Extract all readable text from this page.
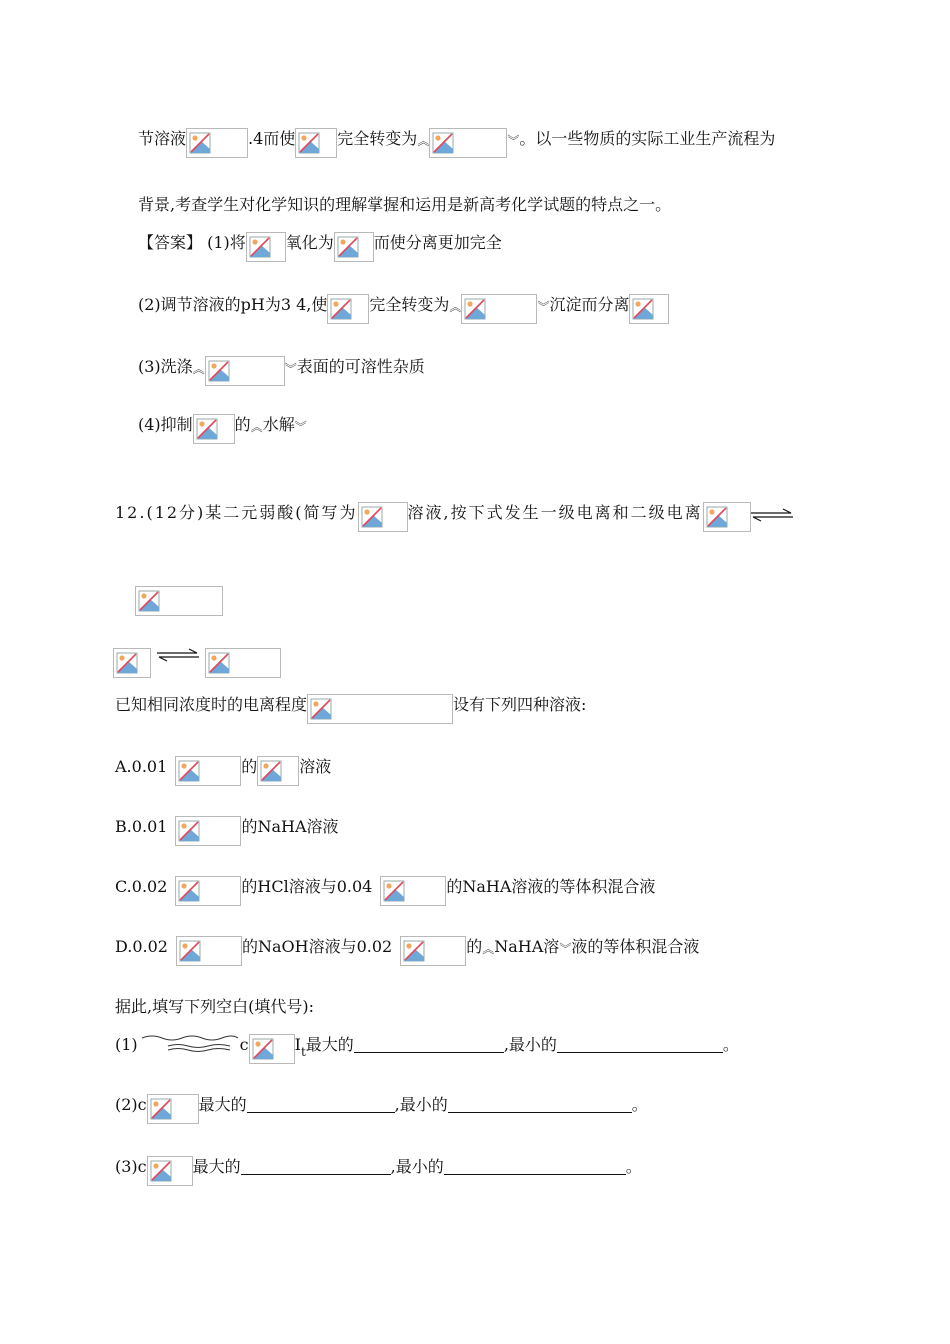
节溶液	.4而使	完全转变为︽	︾。以一些物质的实际工业生产流程为
背景,考查学生对化学知识的理解掌握和运用是新高考化学试题的特点之一。
【答案】 (1)将	氧化为	而使分离更加完全
(2)调节溶液的pH为3 4,使	完全转变为︽	︾沉淀而分离
(3)洗涤︽	︾表面的可溶性杂质
(4)抑制	的︽水解︾
12.(12分)某二元弱酸(简写为	溶液,按下式发生一级电离和二级电离
已知相同浓度时的电离程度	设有下列四种溶液:
A.0.01	的	溶液
B.0.01	的NaHA溶液
C.0.02	的HCl溶液与0.04	的NaHA溶液的等体积混合液
D.0.02	的NaOH溶液与0.02	的︽NaHA溶︾液的等体积混合液
据此,填写下列空白(填代号):
(1)	c	$I_t$最大的	,最小的	。
(2)c	最大的	,最小的	。
(3)c	最大的	,最小的	。
